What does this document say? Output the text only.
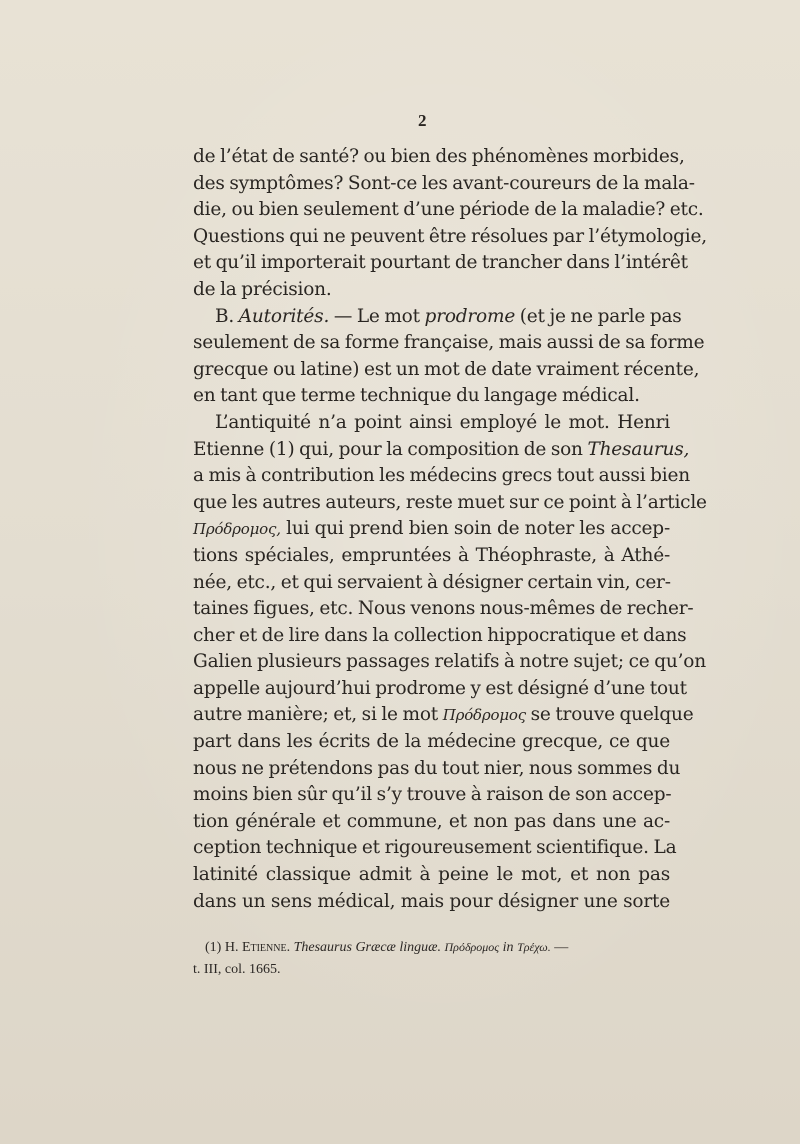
2
de l’état de santé? ou bien des phénomènes morbides,
des symptômes? Sont-ce les avant-coureurs de la mala-
die, ou bien seulement d’une période de la maladie? etc.
Questions qui ne peuvent être résolues par l’étymologie,
et qu’il importerait pourtant de trancher dans l’intérêt
de la précision.
B. Autorités. — Le mot prodrome (et je ne parle pas
seulement de sa forme française, mais aussi de sa forme
grecque ou latine) est un mot de date vraiment récente,
en tant que terme technique du langage médical.
L’antiquité n’a point ainsi employé le mot. Henri
Etienne (1) qui, pour la composition de son Thesaurus,
a mis à contribution les médecins grecs tout aussi bien
que les autres auteurs, reste muet sur ce point à l’article
Πρόδρομος, lui qui prend bien soin de noter les accep-
tions spéciales, empruntées à Théophraste, à Athé-
née, etc., et qui servaient à désigner certain vin, cer-
taines figues, etc. Nous venons nous-mêmes de recher-
cher et de lire dans la collection hippocratique et dans
Galien plusieurs passages relatifs à notre sujet; ce qu’on
appelle aujourd’hui prodrome y est désigné d’une tout
autre manière; et, si le mot Πρόδρομος se trouve quelque
part dans les écrits de la médecine grecque, ce que
nous ne prétendons pas du tout nier, nous sommes du
moins bien sûr qu’il s’y trouve à raison de son accep-
tion générale et commune, et non pas dans une ac-
ception technique et rigoureusement scientifique. La
latinité classique admit à peine le mot, et non pas
dans un sens médical, mais pour désigner une sorte
(1) H. Etienne. Thesaurus Græcæ linguæ. Πρόδρομος in Τρέχω. —
t. III, col. 1665.
